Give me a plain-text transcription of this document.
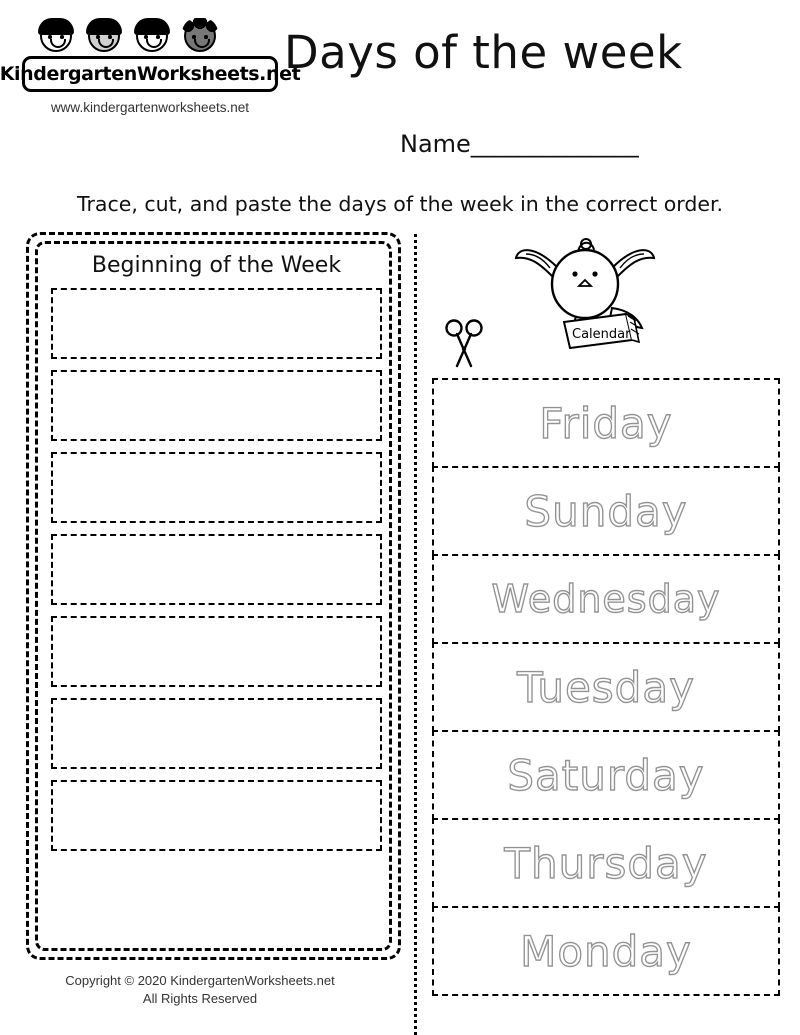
KindergartenWorksheets.net
www.kindergartenworksheets.net
Days of the week
Name______________
Trace, cut, and paste the days of the week in the correct order.
Beginning of the Week
Calendar
Friday
Sunday
Wednesday
Tuesday
Saturday
Thursday
Monday
Copyright © 2020 KindergartenWorksheets.net
All Rights Reserved
